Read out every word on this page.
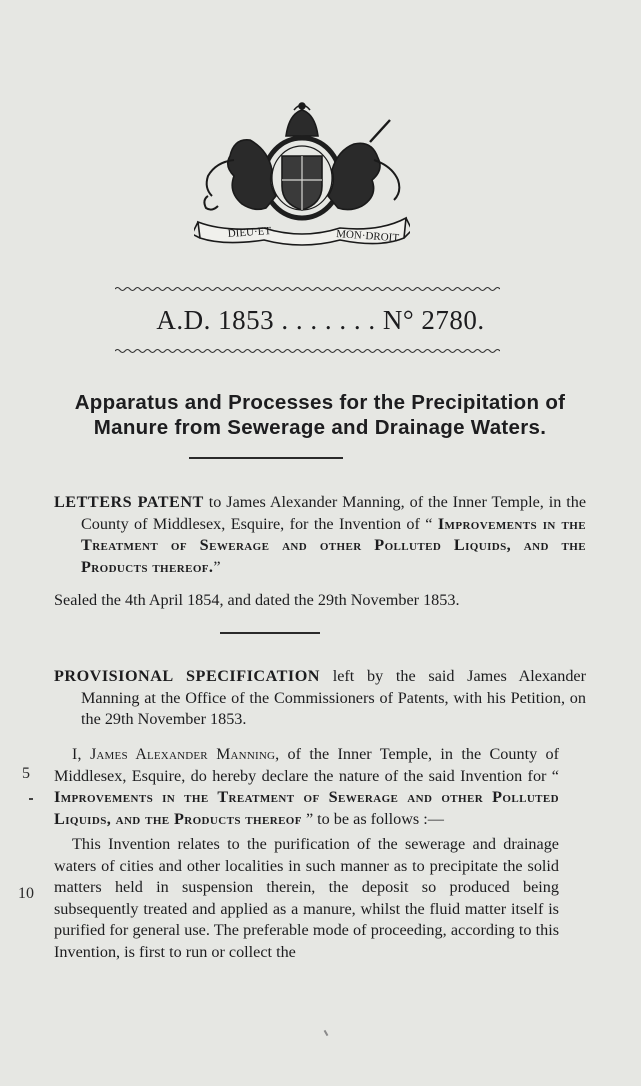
DIEU·ET	MON·DROIT
A.D. 1853 . . . . . . . N° 2780.
Apparatus and Processes for the Precipitation of
Manure from Sewerage and Drainage Waters.

LETTERS PATENT to James Alexander Manning, of the Inner Temple, in the County of Middlesex, Esquire, for the Invention of “ Improvements in the Treatment of Sewerage and other Polluted Liquids, and the Products thereof.”

Sealed the 4th April 1854, and dated the 29th November 1853.

PROVISIONAL SPECIFICATION left by the said James Alexander Manning at the Office of the Commissioners of Patents, with his Petition, on the 29th November 1853.

I, James Alexander Manning, of the Inner Temple, in the County of Middlesex, Esquire, do hereby declare the nature of the said Invention for “ Improvements in the Treatment of Sewerage and other Polluted Liquids, and the Products thereof ” to be as follows :—

This Invention relates to the purification of the sewerage and drainage waters of cities and other localities in such manner as to precipitate the solid matters held in suspension therein, the deposit so produced being subsequently treated and applied as a manure, whilst the fluid matter itself is purified for general use. The preferable mode of proceeding, according to this Invention, is first to run or collect the

5
10
